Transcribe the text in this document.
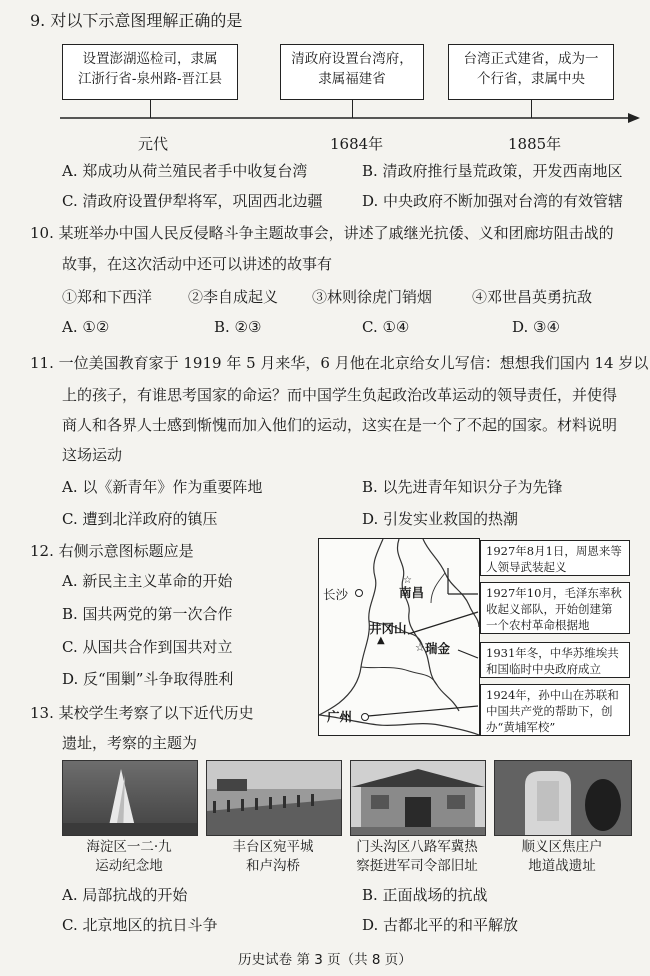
9. 对以下示意图理解正确的是
设置澎湖巡检司，隶属
江浙行省-泉州路-晋江县
清政府设置台湾府，
隶属福建省
台湾正式建省，成为一
个行省，隶属中央
元代	1684年	1885年
A. 郑成功从荷兰殖民者手中收复台湾	B. 清政府推行垦荒政策，开发西南地区
C. 清政府设置伊犁将军，巩固西北边疆	D. 中央政府不断加强对台湾的有效管辖
10. 某班举办中国人民反侵略斗争主题故事会，讲述了戚继光抗倭、义和团廊坊阻击战的
故事，在这次活动中还可以讲述的故事有
①郑和下西洋 ②李自成起义 ③林则徐虎门销烟	④邓世昌英勇抗敌
A. ①②	B. ②③	C. ①④	D. ③④
11. 一位美国教育家于 1919 年 5 月来华，6 月他在北京给女儿写信：想想我们国内 14 岁以
上的孩子，有谁思考国家的命运？而中国学生负起政治改革运动的领导责任，并使得
商人和各界人士感到惭愧而加入他们的运动，这实在是一个了不起的国家。材料说明
这场运动
A. 以《新青年》作为重要阵地	B. 以先进青年知识分子为先锋
C. 遭到北洋政府的镇压	D. 引发实业救国的热潮
12. 右侧示意图标题应是
A. 新民主主义革命的开始
B. 国共两党的第一次合作
C. 从国共合作到国共对立
D. 反“围剿”斗争取得胜利
长沙	南昌
☆
井冈山
▲
☆ 瑞金
广州
1927年8月1日，周恩来等
人领导武装起义
1927年10月，毛泽东率秋
收起义部队，开始创建第
一个农村革命根据地
1931年冬，中华苏维埃共
和国临时中央政府成立
1924年，孙中山在苏联和
中国共产党的帮助下，创
办“黄埔军校”
13. 某校学生考察了以下近代历史
遗址，考察的主题为
海淀区一二·九
运动纪念地
丰台区宛平城
和卢沟桥
门头沟区八路军冀热
察挺进军司令部旧址
顺义区焦庄户
地道战遗址
A. 局部抗战的开始	B. 正面战场的抗战
C. 北京地区的抗日斗争	D. 古都北平的和平解放
历史试卷 第 3 页（共 8 页）
